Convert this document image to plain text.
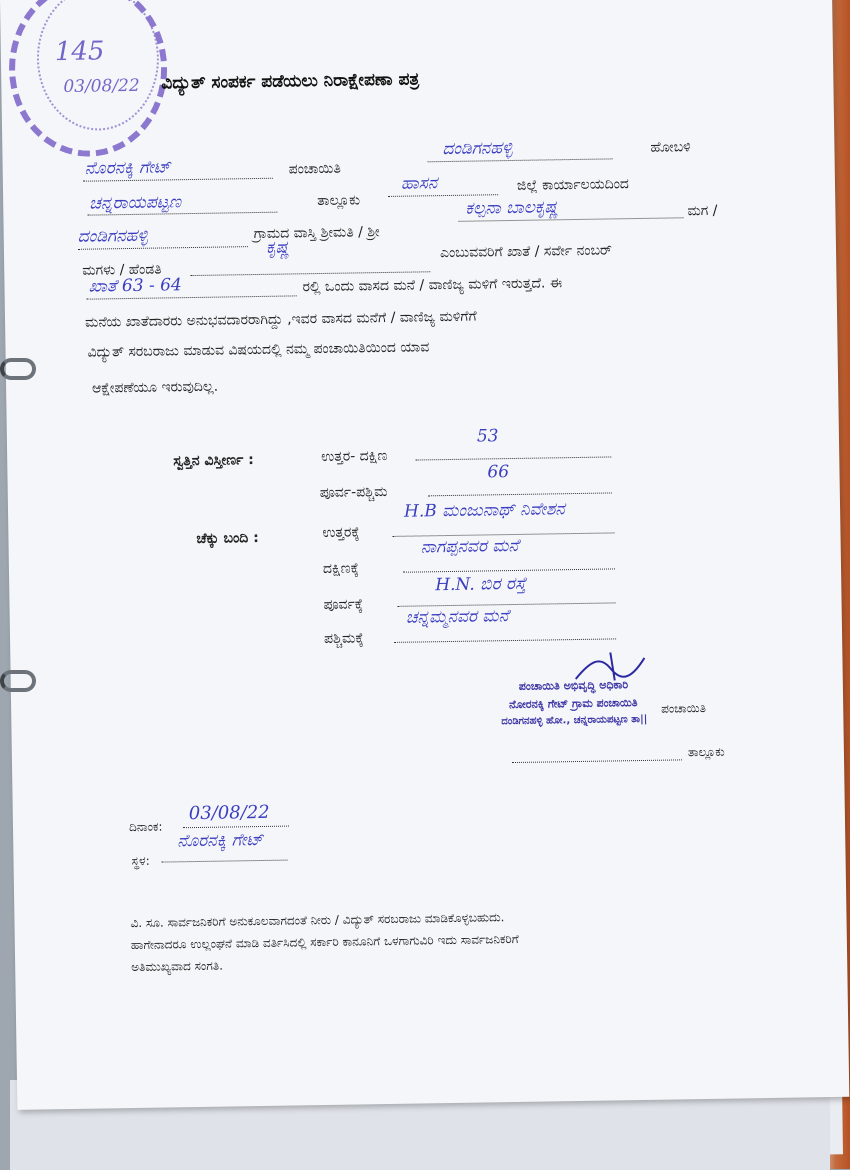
145
03/08/22 ವಿದ್ಯುತ್ ಸಂಪರ್ಕ ಪಡೆಯಲು ನಿರಾಕ್ಷೇಪಣಾ ಪತ್ರ
ನೊರನಕ್ಕಿ ಗೇಟ್	ಪಂಚಾಯಿತಿ
ದಂಡಿಗನಹಳ್ಳಿ	ಹೋಬಳಿ
ಚನ್ನರಾಯಪಟ್ಟಣ	ತಾಲ್ಲೂಕು
ಹಾಸನ	ಜಿಲ್ಲೆ ಕಾರ್ಯಾಲಯದಿಂದ
ದಂಡಿಗನಹಳ್ಳಿ	ಗ್ರಾಮದ ವಾಸ್ತಿ ಶ್ರೀಮತಿ / ಶ್ರೀ
ಕಲ್ಪನಾ ಬಾಲಕೃಷ್ಣ	ಮಗ /
ಮಗಳು / ಹೆಂಡತಿ
ಕೃಷ್ಣ	ಎಂಬುವವರಿಗೆ ಖಾತೆ / ಸರ್ವೇ ನಂಬರ್
ಖಾತೆ 63 - 64	ರಲ್ಲಿ ಒಂದು ವಾಸದ ಮನೆ / ವಾಣಿಜ್ಯ ಮಳಿಗೆ ಇರುತ್ತದೆ. ಈ
ಮನೆಯ ಖಾತೆದಾರರು ಅನುಭವದಾರರಾಗಿದ್ದು ,ಇವರ ವಾಸದ ಮನೆಗೆ / ವಾಣಿಜ್ಯ ಮಳಿಗೆಗೆ
ವಿದ್ಯುತ್ ಸರಬರಾಜು ಮಾಡುವ ವಿಷಯದಲ್ಲಿ ನಮ್ಮ ಪಂಚಾಯಿತಿಯಿಂದ ಯಾವ
ಆಕ್ಷೇಪಣೆಯೂ ಇರುವುದಿಲ್ಲ.
ಸ್ವತ್ತಿನ ವಿಸ್ತೀರ್ಣ :	ಉತ್ತರ- ದಕ್ಷಿಣ
53
ಪೂರ್ವ-ಪಶ್ಚಿಮ
66
ಚೆಕ್ಕು ಬಂದಿ :	ಉತ್ತರಕ್ಕೆ
H.B ಮಂಜುನಾಥ್ ನಿವೇಶನ
ದಕ್ಷಿಣಕ್ಕೆ
ನಾಗಪ್ಪನವರ ಮನೆ
ಪೂರ್ವಕ್ಕೆ
H.N. ಬಿರ ರಸ್ತೆ
ಪಶ್ಚಿಮಕ್ಕೆ
ಚನ್ನಮ್ಮನವರ ಮನೆ
ಪಂಚಾಯಿತಿ ಅಭಿವೃದ್ಧಿ ಅಧಿಕಾರಿ
ನೋರನಕ್ಕಿ ಗೇಟ್ ಗ್ರಾಮ ಪಂಚಾಯಿತಿ ಪಂಚಾಯಿತಿ
ದಂಡಿಗನಹಳ್ಳಿ ಹೋ., ಚನ್ನರಾಯಪಟ್ಟಣ ತಾ||
ತಾಲ್ಲೂಕು
ದಿನಾಂಕ:
03/08/22
ಸ್ಥಳ:
ನೊರನಕ್ಕಿ ಗೇಟ್
ವಿ. ಸೂ. ಸಾರ್ವಜನಿಕರಿಗೆ ಅನುಕೂಲವಾಗದಂತೆ ನೀರು / ವಿದ್ಯುತ್ ಸರಬರಾಜು ಮಾಡಿಕೊಳ್ಳಬಹುದು.
ಹಾಗೇನಾದರೂ ಉಲ್ಲಂಘನೆ ಮಾಡಿ ವರ್ತಿಸಿದಲ್ಲಿ ಸರ್ಕಾರಿ ಕಾನೂನಿಗೆ ಒಳಗಾಗುವಿರಿ ಇದು ಸಾರ್ವಜನಿಕರಿಗೆ
ಅತಿಮುಖ್ಯವಾದ ಸಂಗತಿ.
